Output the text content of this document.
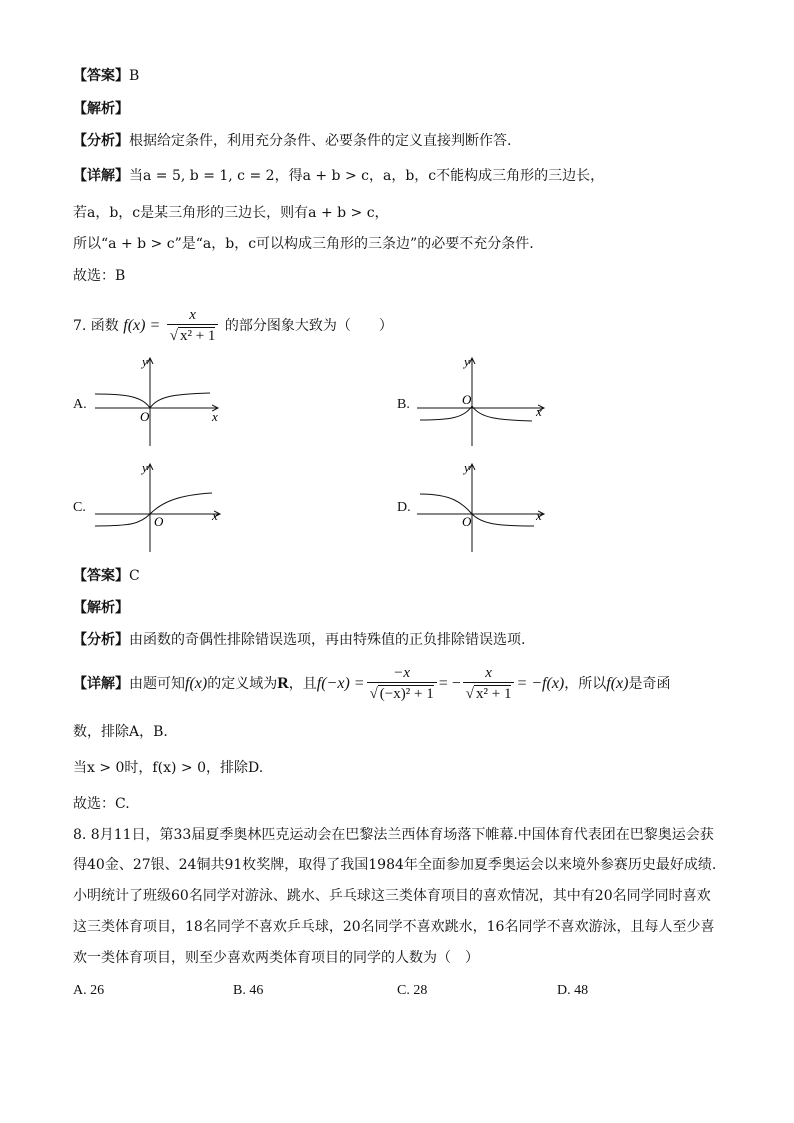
【答案】B
【解析】
【分析】根据给定条件，利用充分条件、必要条件的定义直接判断作答.
【详解】当a = 5, b = 1, c = 2，得a + b > c，a，b，c不能构成三角形的三边长，
若a，b，c是某三角形的三边长，则有a + b > c，
所以“a + b > c”是“a，b，c可以构成三角形的三条边”的必要不充分条件.
故选：B
7. 函数 $f(x) = \frac{x}{\text{√ x² + 1}}$ 的部分图象大致为（　　）
A.	B.
C.	D.
O	x
y
O
x
y
O	x
y
O	x
y
【答案】C
【解析】
【分析】由函数的奇偶性排除错误选项，再由特殊值的正负排除错误选项.
【详解】由题可知f(x)的定义域为R，且$f(-x) = \frac{-x}{\text{√ (−x)² + 1}}$ = − $\frac{x}{\text{√ x² + 1}} = -f(x)$，所以f(x)是奇函
数，排除A，B.
当x > 0时，f(x) > 0，排除D.
故选：C.
8. 8月11日，第33届夏季奥林匹克运动会在巴黎法兰西体育场落下帷幕.中国体育代表团在巴黎奥运会获
得40金、27银、24铜共91枚奖牌，取得了我国1984年全面参加夏季奥运会以来境外参赛历史最好成绩.
小明统计了班级60名同学对游泳、跳水、乒乓球这三类体育项目的喜欢情况，其中有20名同学同时喜欢
这三类体育项目，18名同学不喜欢乒乓球，20名同学不喜欢跳水，16名同学不喜欢游泳，且每人至少喜
欢一类体育项目，则至少喜欢两类体育项目的同学的人数为（　）
A. 26	B. 46	C. 28	D. 48
